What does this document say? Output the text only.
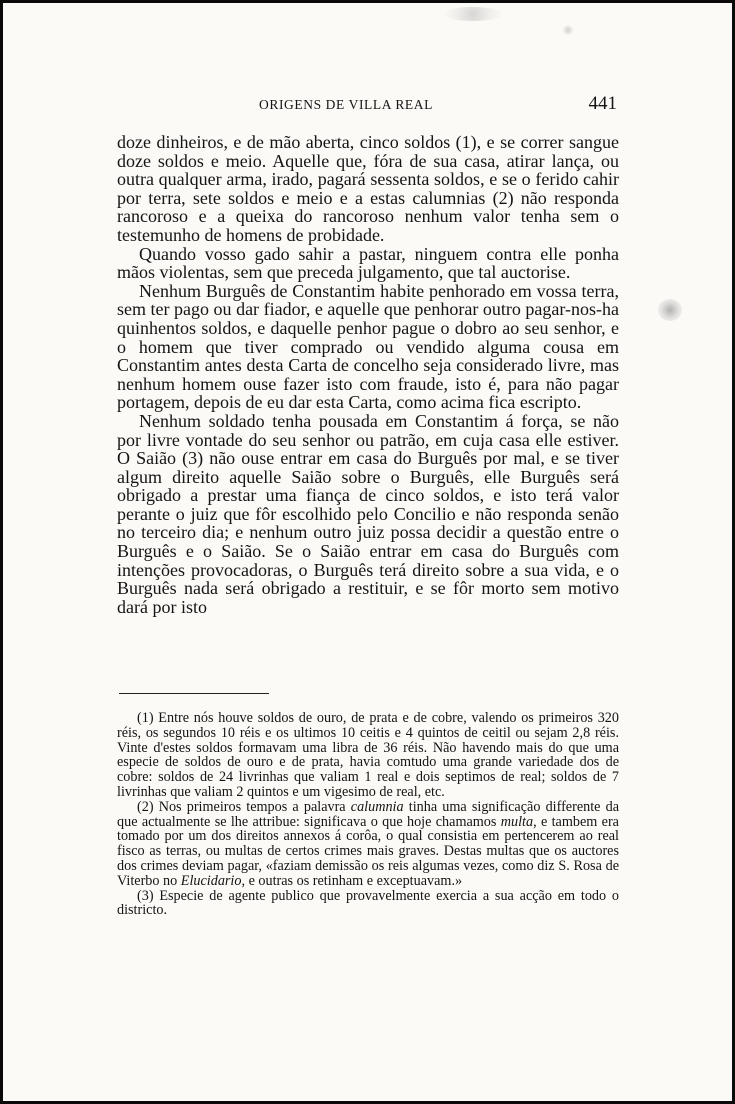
ORIGENS DE VILLA REAL	441

doze dinheiros, e de mão aberta, cinco soldos (1), e se correr sangue doze soldos e meio. Aquelle que, fóra de sua casa, atirar lança, ou outra qualquer arma, irado, pagará sessenta soldos, e se o ferido cahir por terra, sete soldos e meio e a estas calumnias (2) não responda rancoroso e a queixa do rancoroso nenhum valor tenha sem o testemunho de homens de probidade.

Quando vosso gado sahir a pastar, ninguem contra elle ponha mãos violentas, sem que preceda julgamento, que tal auctorise.

Nenhum Burguês de Constantim habite penhorado em vossa terra, sem ter pago ou dar fiador, e aquelle que penhorar outro pagar-nos-ha quinhentos soldos, e daquelle penhor pague o dobro ao seu senhor, e o homem que tiver comprado ou vendido alguma cousa em Constantim antes desta Carta de concelho seja considerado livre, mas nenhum homem ouse fazer isto com fraude, isto é, para não pagar portagem, depois de eu dar esta Carta, como acima fica escripto.

Nenhum soldado tenha pousada em Constantim á força, se não por livre vontade do seu senhor ou patrão, em cuja casa elle estiver. O Saião (3) não ouse entrar em casa do Burguês por mal, e se tiver algum direito aquelle Saião sobre o Burguês, elle Burguês será obrigado a prestar uma fiança de cinco soldos, e isto terá valor perante o juiz que fôr escolhido pelo Concilio e não responda senão no terceiro dia; e nenhum outro juiz possa decidir a questão entre o Burguês e o Saião. Se o Saião entrar em casa do Burguês com intenções provocadoras, o Burguês terá direito sobre a sua vida, e o Burguês nada será obrigado a restituir, e se fôr morto sem motivo dará por isto

(1) Entre nós houve soldos de ouro, de prata e de cobre, valendo os primeiros 320 réis, os segundos 10 réis e os ultimos 10 ceitis e 4 quintos de ceitil ou sejam 2,8 réis. Vinte d'estes soldos formavam uma libra de 36 réis. Não havendo mais do que uma especie de soldos de ouro e de prata, havia comtudo uma grande variedade dos de cobre: soldos de 24 livrinhas que valiam 1 real e dois septimos de real; soldos de 7 livrinhas que valiam 2 quintos e um vigesimo de real, etc.

(2) Nos primeiros tempos a palavra calumnia tinha uma significação differente da que actualmente se lhe attribue: significava o que hoje chamamos multa, e tambem era tomado por um dos direitos annexos á corôa, o qual consistia em pertencerem ao real fisco as terras, ou multas de certos crimes mais graves. Destas multas que os auctores dos crimes deviam pagar, «faziam demissão os reis algumas vezes, como diz S. Rosa de Viterbo no Elucidario, e outras os retinham e exceptuavam.»

(3) Especie de agente publico que provavelmente exercia a sua acção em todo o districto.
